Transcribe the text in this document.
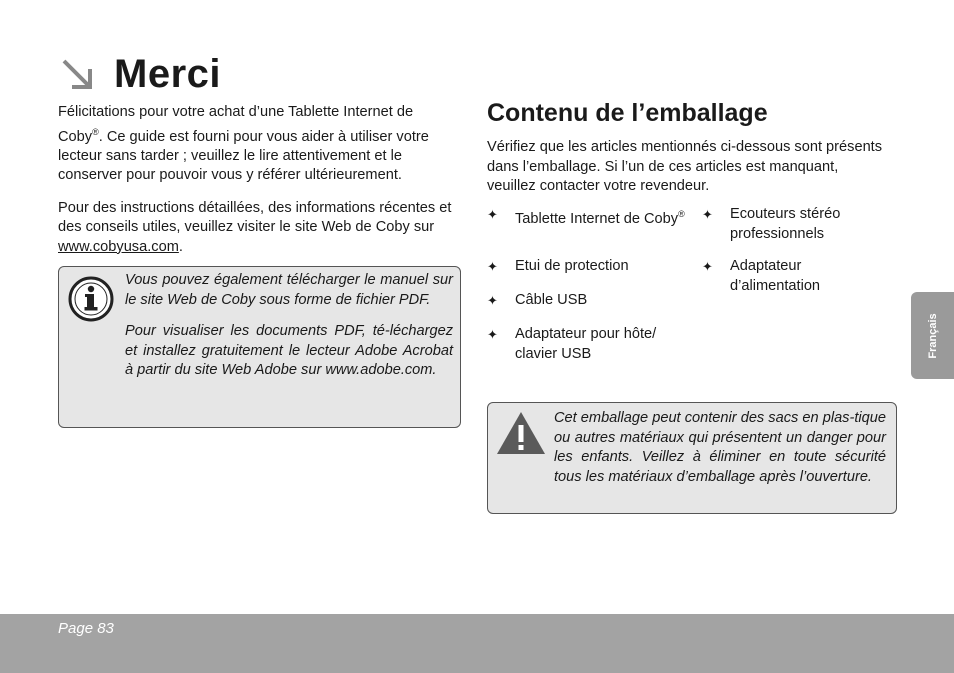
Merci

Félicitations pour votre achat d’une Tablette Internet de Coby®. Ce guide est fourni pour vous aider à utiliser votre lecteur sans tarder ; veuillez le lire attentivement et le conserver pour pouvoir vous y référer ultérieurement.

Pour des instructions détaillées, des informations récentes et des conseils utiles, veuillez visiter le site Web de Coby sur www.cobyusa.com.

Vous pouvez également télécharger le manuel sur le site Web de Coby sous forme de fichier PDF.

Pour visualiser les documents PDF, té-léchargez et installez gratuitement le lecteur Adobe Acrobat à partir du site Web Adobe sur www.adobe.com.

Contenu de l’emballage
Vérifiez que les articles mentionnés ci-dessous sont présents dans l’emballage. Si l’un de ces articles est manquant, veuillez contacter votre revendeur.
✦	Tablette Internet de Coby® ✦	Ecouteurs stéréo professionnels
✦	Etui de protection	✦	Adaptateur d’alimentation
✦	Câble USB
✦	Adaptateur pour hôte/ clavier USB
Cet emballage peut contenir des sacs en plas-tique ou autres matériaux qui présentent un danger pour les enfants. Veillez à éliminer en toute sécurité tous les matériaux d’emballage après l’ouverture.
Français
Page 83
